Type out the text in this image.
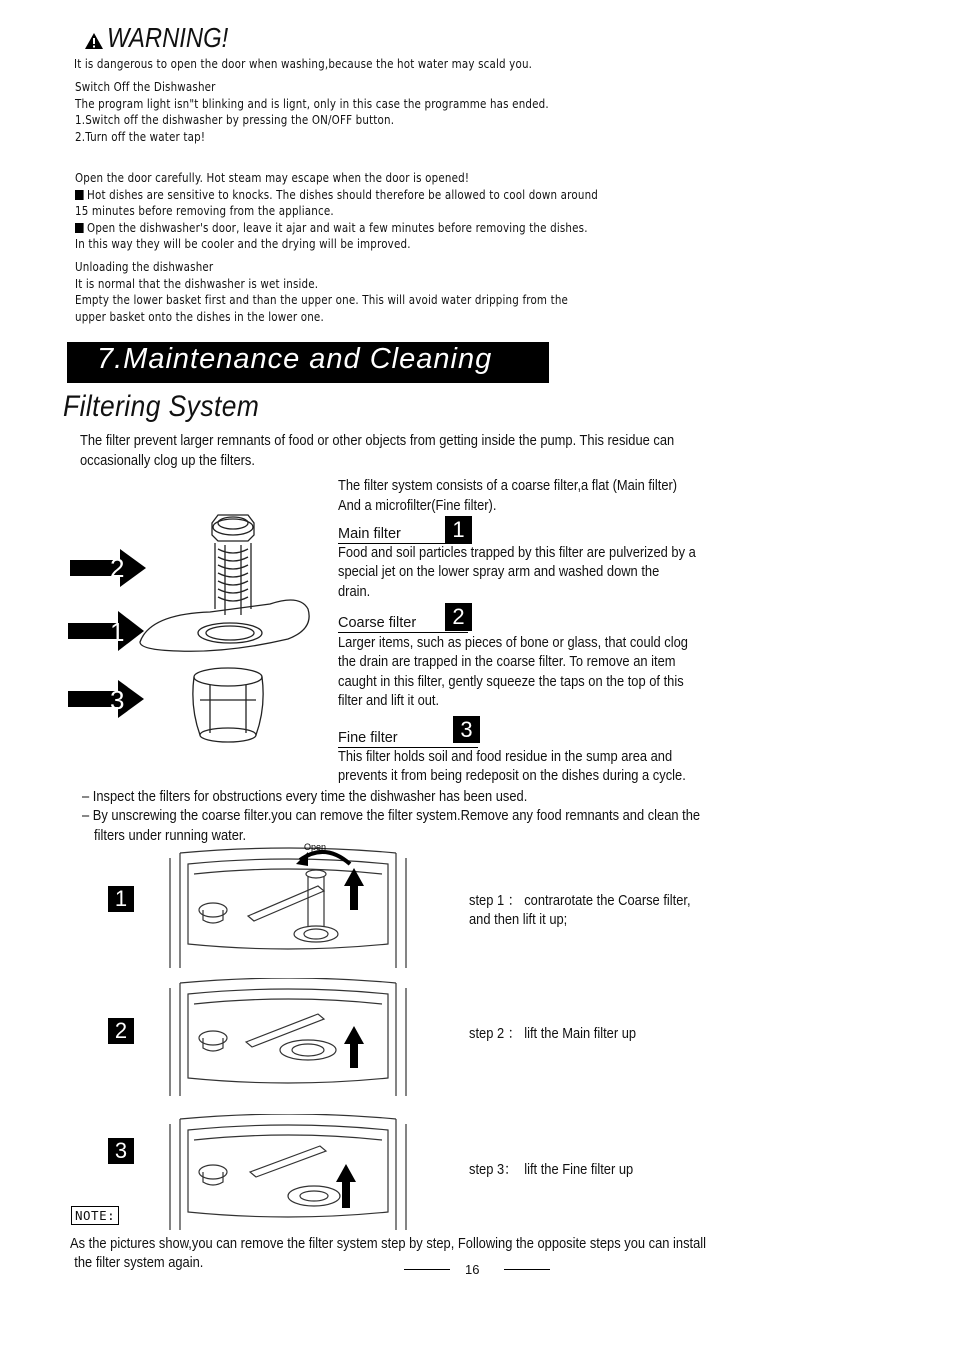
WARNING!
It is dangerous to open the door when washing,because the hot water may scald you.
Switch Off the Dishwasher
The program light isn"t blinking and is lignt, only in this case the programme has ended.
1.Switch off the dishwasher by pressing the ON/OFF button.
2.Turn off the water tap!
Open the door carefully. Hot steam may escape when the door is opened!
Hot dishes are sensitive to knocks. The dishes should therefore be allowed to cool down around
15 minutes before removing from the appliance.
Open the dishwasher's door, leave it ajar and wait a few minutes before removing the dishes.
In this way they will be cooler and the drying will be improved.
Unloading the dishwasher
It is normal that the dishwasher is wet inside.
Empty the lower basket first and than the upper one. This will avoid water dripping from the
upper basket onto the dishes in the lower one.
7.Maintenance and Cleaning
Filtering System
The filter prevent larger remnants of food or other objects from getting inside the pump. This residue can
occasionally clog up the filters.
The filter system consists of a coarse filter,a flat (Main filter)
And a microfilter(Fine filter).
2
1
3
Main filter	1
Food and soil particles trapped by this filter are pulverized by a
special jet on the lower spray arm and washed down the
drain.
Coarse filter	2
Larger items, such as pieces of bone or glass, that could clog
the drain are trapped in the coarse filter. To remove an item
caught in this filter, gently squeeze the taps on the top of this
filter and lift it out.
Fine filter	3
This filter holds soil and food residue in the sump area and
prevents it from being redeposit on the dishes during a cycle.
– Inspect the filters for obstructions every time the dishwasher has been used.
– By unscrewing the coarse filter.you can remove the filter system.Remove any food remnants and clean the
filters under running water.
Open
1
2
3
step 1 ： contrarotate the Coarse filter,
and then lift it up;
step 2 ： lift the Main filter up
step 3：  lift the Fine filter up
NOTE:
As the pictures show,you can remove the filter system step by step, Following the opposite steps you can install
the filter system again.	16
